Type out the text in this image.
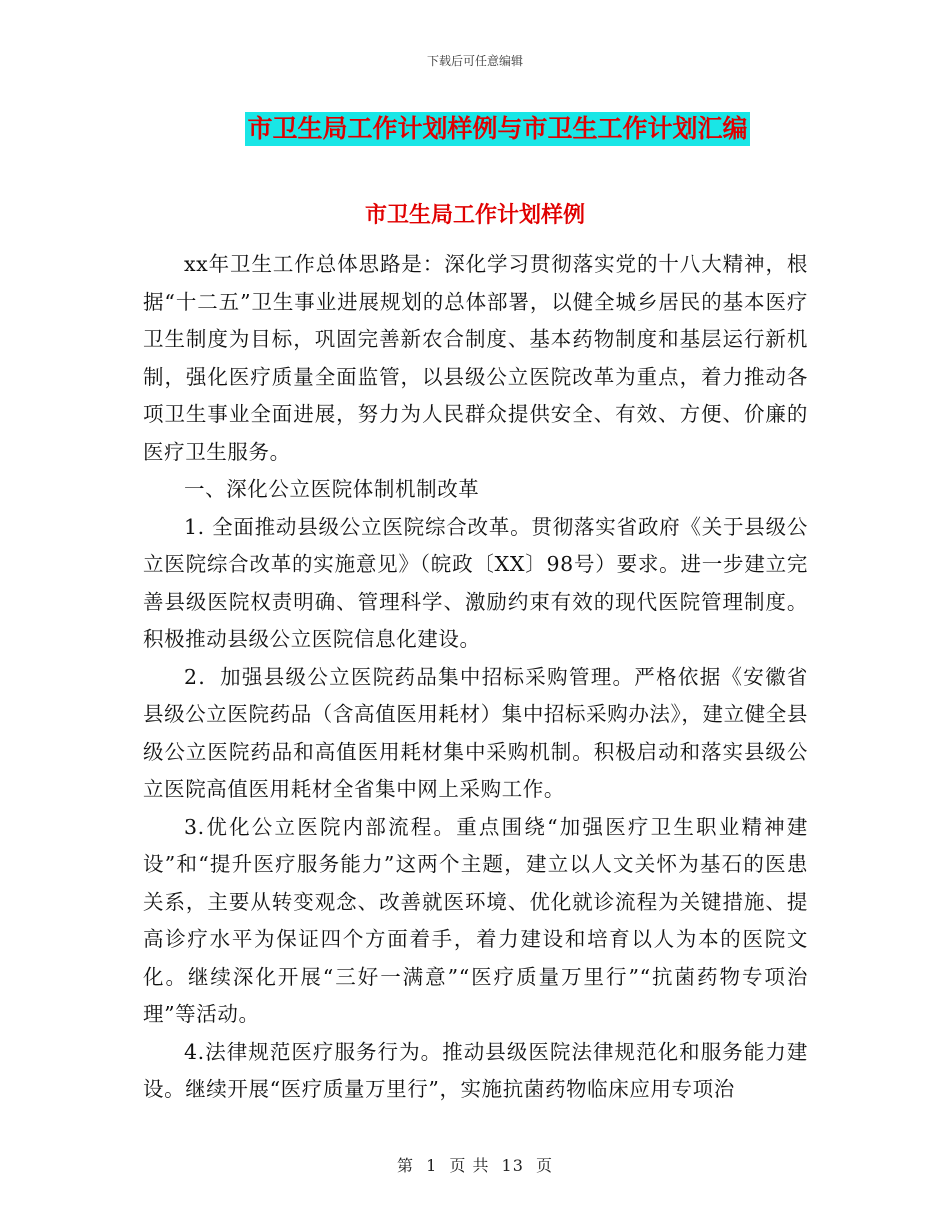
下载后可任意编辑
市卫生局工作计划样例与市卫生工作计划汇编
市卫生局工作计划样例

xx年卫生工作总体思路是：深化学习贯彻落实党的十八大精神，根据“十二五”卫生事业进展规划的总体部署，以健全城乡居民的基本医疗卫生制度为目标，巩固完善新农合制度、基本药物制度和基层运行新机制，强化医疗质量全面监管，以县级公立医院改革为重点，着力推动各项卫生事业全面进展，努力为人民群众提供安全、有效、方便、价廉的医疗卫生服务。

一、深化公立医院体制机制改革

1. 全面推动县级公立医院综合改革。贯彻落实省政府《关于县级公立医院综合改革的实施意见》（皖政〔XX〕98号）要求。进一步建立完善县级医院权责明确、管理科学、激励约束有效的现代医院管理制度。积极推动县级公立医院信息化建设。

2．加强县级公立医院药品集中招标采购管理。严格依据《安徽省县级公立医院药品（含高值医用耗材）集中招标采购办法》，建立健全县级公立医院药品和高值医用耗材集中采购机制。积极启动和落实县级公立医院高值医用耗材全省集中网上采购工作。

3.优化公立医院内部流程。重点围绕“加强医疗卫生职业精神建设”和“提升医疗服务能力”这两个主题，建立以人文关怀为基石的医患关系，主要从转变观念、改善就医环境、优化就诊流程为关键措施、提高诊疗水平为保证四个方面着手，着力建设和培育以人为本的医院文化。继续深化开展“三好一满意”“医疗质量万里行”“抗菌药物专项治理”等活动。

4.法律规范医疗服务行为。推动县级医院法律规范化和服务能力建设。继续开展“医疗质量万里行”，实施抗菌药物临床应用专项治

第 1 页 共 13 页
